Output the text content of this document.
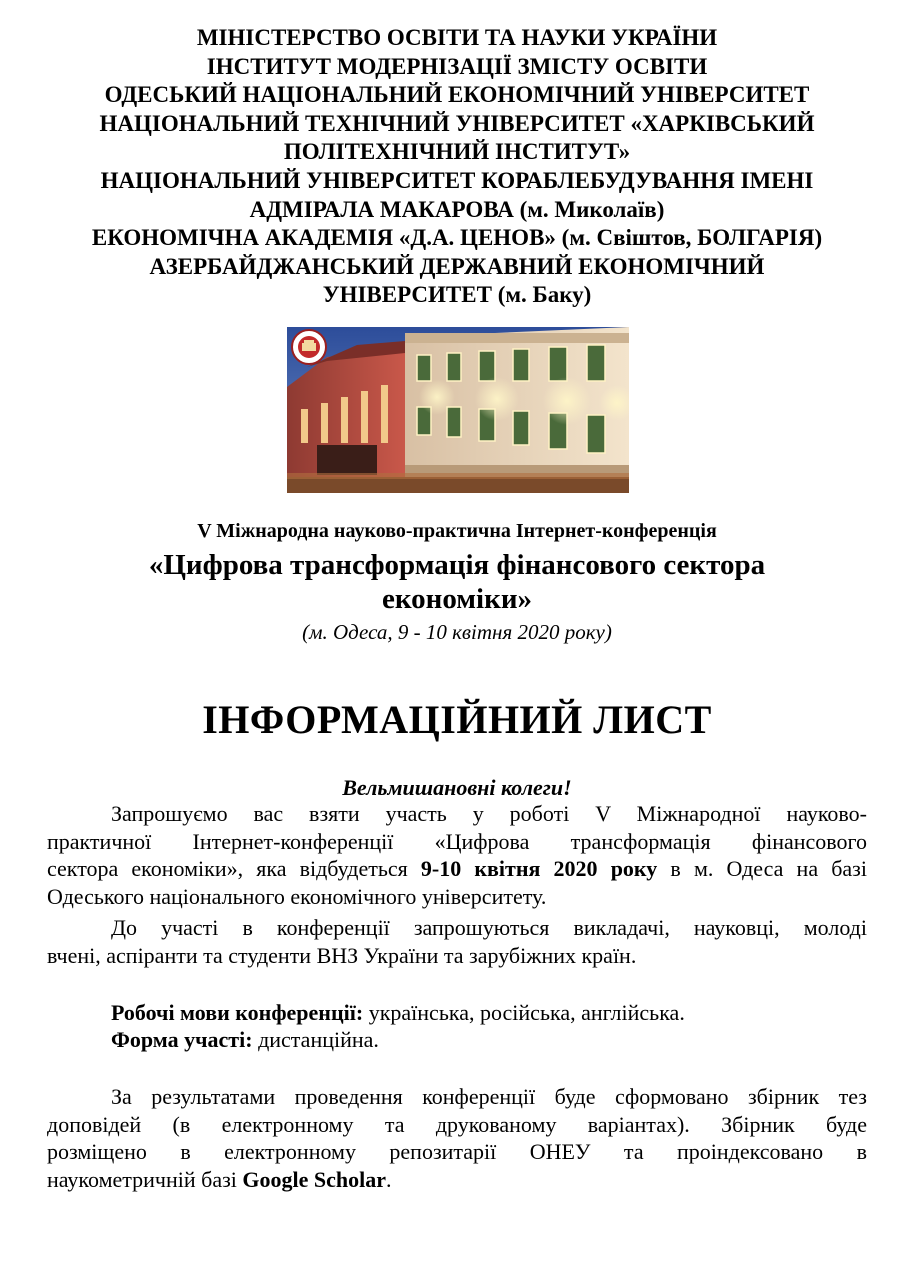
МІНІСТЕРСТВО ОСВІТИ ТА НАУКИ УКРАЇНИ
ІНСТИТУТ МОДЕРНІЗАЦІЇ ЗМІСТУ ОСВІТИ
ОДЕСЬКИЙ НАЦІОНАЛЬНИЙ ЕКОНОМІЧНИЙ УНІВЕРСИТЕТ
НАЦІОНАЛЬНИЙ ТЕХНІЧНИЙ УНІВЕРСИТЕТ «ХАРКІВСЬКИЙ
ПОЛІТЕХНІЧНИЙ ІНСТИТУТ»
НАЦІОНАЛЬНИЙ УНІВЕРСИТЕТ КОРАБЛЕБУДУВАННЯ ІМЕНІ
АДМІРАЛА МАКАРОВА (м. Миколаїв)
ЕКОНОМІЧНА АКАДЕМІЯ «Д.А. ЦЕНОВ» (м. Свіштов, БОЛГАРІЯ)
АЗЕРБАЙДЖАНСЬКИЙ ДЕРЖАВНИЙ ЕКОНОМІЧНИЙ
УНІВЕРСИТЕТ (м. Баку)
V Міжнародна науково-практична Інтернет-конференція
«Цифрова трансформація фінансового сектора
економіки»
(м. Одеса, 9 - 10 квітня 2020 року)
ІНФОРМАЦІЙНИЙ ЛИСТ
Вельмишановні колеги!
Запрошуємо вас взяти участь у роботі V Міжнародної науково-
практичної Інтернет-конференції «Цифрова трансформація фінансового
сектора економіки», яка відбудеться 9-10 квітня 2020 року в м. Одеса на базі
Одеського національного економічного університету.
До участі в конференції запрошуються викладачі, науковці, молоді
вчені, аспіранти та студенти ВНЗ України та зарубіжних країн.
Робочі мови конференції: українська, російська, англійська.
Форма участі: дистанційна.
За результатами проведення конференції буде сформовано збірник тез
доповідей (в електронному та друкованому варіантах). Збірник буде
розміщено в електронному репозитарії ОНЕУ та проіндексовано в
наукометричній базі Google Scholar.
